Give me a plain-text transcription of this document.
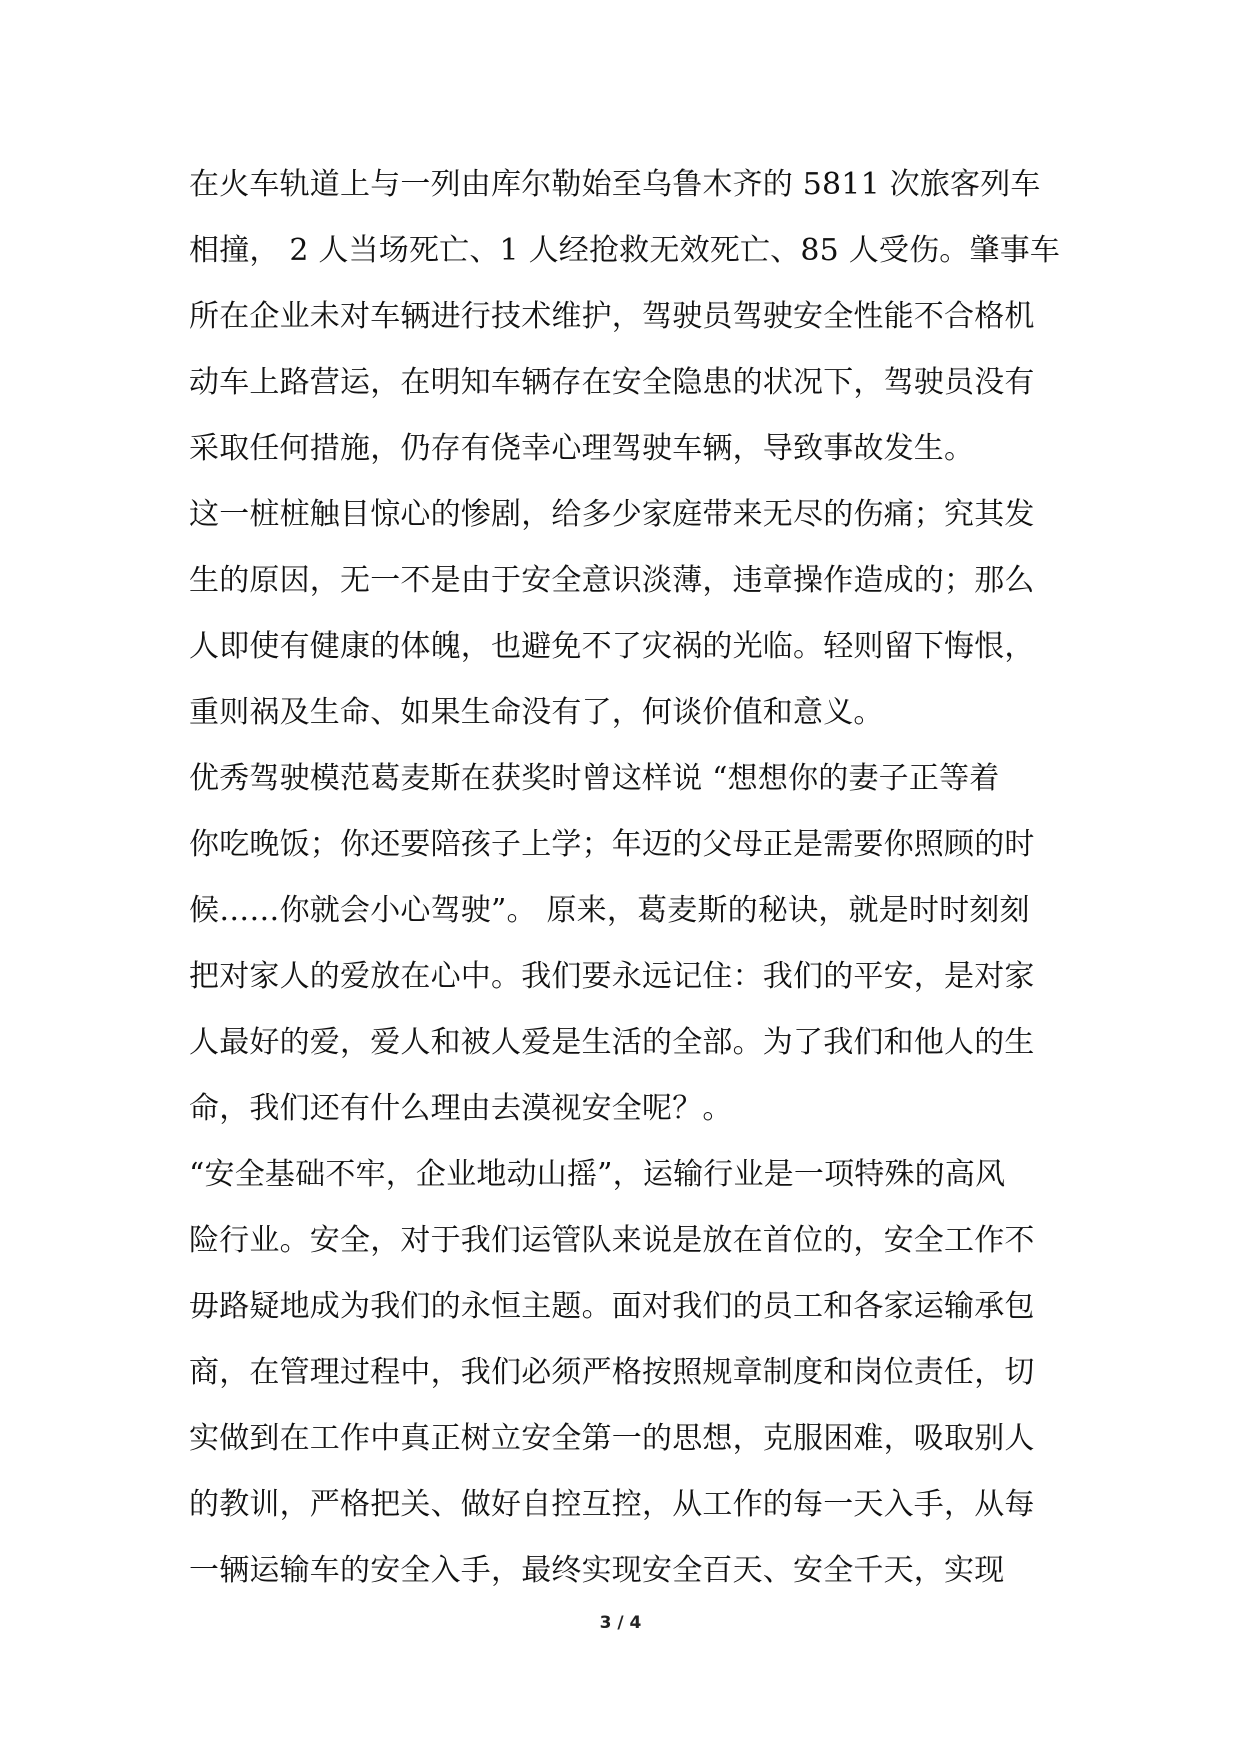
在火车轨道上与一列由库尔勒始至乌鲁木齐的 5811 次旅客列车
相撞， 2 人当场死亡、1 人经抢救无效死亡、85 人受伤。肇事车
所在企业未对车辆进行技术维护，驾驶员驾驶安全性能不合格机
动车上路营运，在明知车辆存在安全隐患的状况下，驾驶员没有
采取任何措施，仍存有侥幸心理驾驶车辆，导致事故发生。
这一桩桩触目惊心的惨剧，给多少家庭带来无尽的伤痛；究其发
生的原因，无一不是由于安全意识淡薄，违章操作造成的；那么
人即使有健康的体魄，也避免不了灾祸的光临。轻则留下悔恨，
重则祸及生命、如果生命没有了，何谈价值和意义。
优秀驾驶模范葛麦斯在获奖时曾这样说 “想想你的妻子正等着
你吃晚饭；你还要陪孩子上学；年迈的父母正是需要你照顾的时
候……你就会小心驾驶”。 原来，葛麦斯的秘诀，就是时时刻刻
把对家人的爱放在心中。我们要永远记住：我们的平安，是对家
人最好的爱，爱人和被人爱是生活的全部。为了我们和他人的生
命，我们还有什么理由去漠视安全呢？。
“安全基础不牢，企业地动山摇”，运输行业是一项特殊的高风
险行业。安全，对于我们运管队来说是放在首位的，安全工作不
毋路疑地成为我们的永恒主题。面对我们的员工和各家运输承包
商，在管理过程中，我们必须严格按照规章制度和岗位责任，切
实做到在工作中真正树立安全第一的思想，克服困难，吸取别人
的教训，严格把关、做好自控互控，从工作的每一天入手，从每
一辆运输车的安全入手，最终实现安全百天、安全千天，实现
3 / 4
